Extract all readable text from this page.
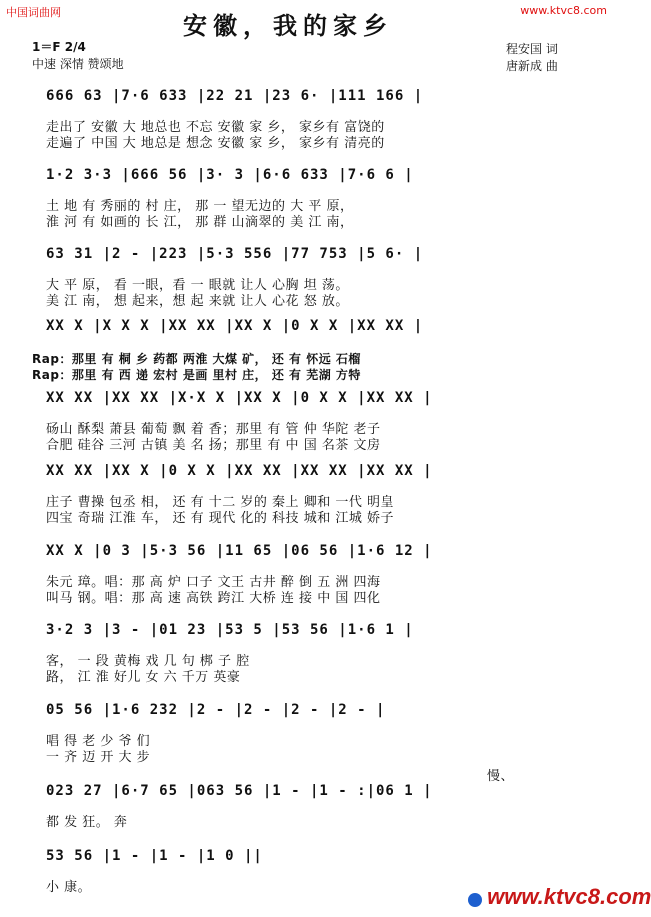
中国词曲网	www.ktvc8.com
安徽，我的家乡
1＝F 2/4
中速 深情 赞颂地
程安国 词
唐新成 曲
666 63 |7·6 633 |22 21 |23 6· |111 166 |
走出了 安徽 大 地总也 不忘 安徽 家 乡， 家乡有 富饶的
走遍了 中国 大 地总是 想念 安徽 家 乡， 家乡有 清亮的
1·2 3·3 |666 56 |3· 3 |6·6 633 |7·6 6 |
土 地 有 秀丽的 村 庄， 那 一 望无边的 大 平 原，
淮 河 有 如画的 长 江， 那 群 山滴翠的 美 江 南，
63 31 |2 - |223 |5·3 556 |77 753 |5 6· |
大 平 原， 看 一眼，看 一 眼就 让人 心胸 坦 荡。
美 江 南， 想 起来，想 起 来就 让人 心花 怒 放。
XX X |X X X |XX XX |XX X |0 X X |XX XX |
Rap：那里 有 桐 乡 药都 两淮 大煤 矿， 还 有 怀远 石榴
Rap：那里 有 西 递 宏村 是画 里村 庄， 还 有 芜湖 方特
XX XX |XX XX |X·X X |XX X |0 X X |XX XX |
砀山 酥梨 萧县 葡萄 飘 着 香；那里 有 管 仲 华陀 老子
合肥 硅谷 三河 古镇 美 名 扬；那里 有 中 国 名茶 文房
XX XX |XX X |0 X X |XX XX |XX XX |XX XX |
庄子 曹操 包丞 相， 还 有 十二 岁的 秦上 卿和 一代 明皇
四宝 奇瑞 江淮 车， 还 有 现代 化的 科技 城和 江城 娇子
XX X |0 3 |5·3 56 |11 65 |06 56 |1·6 12 |
朱元 璋。唱：那 高 炉 口子 文王 古井 醉 倒 五 洲 四海
叫马 钢。唱：那 高 速 高铁 跨江 大桥 连 接 中 国 四化
3·2 3 |3 - |01 23 |53 5 |53 56 |1·6 1 |
客， 一 段 黄梅 戏 几 句 梆 子 腔
路， 江 淮 好儿 女 六 千万 英豪
05 56 |1·6 232 |2 - |2 - |2 - |2 - |
唱 得 老 少 爷 们
一 齐 迈 开 大 步
023 27 |6·7 65 |063 56 |1 - |1 - :|06 1 |
都 发 狂。 奔
慢、
53 56 |1 - |1 - |1 0 ||
小 康。	www.ktvc8.com
